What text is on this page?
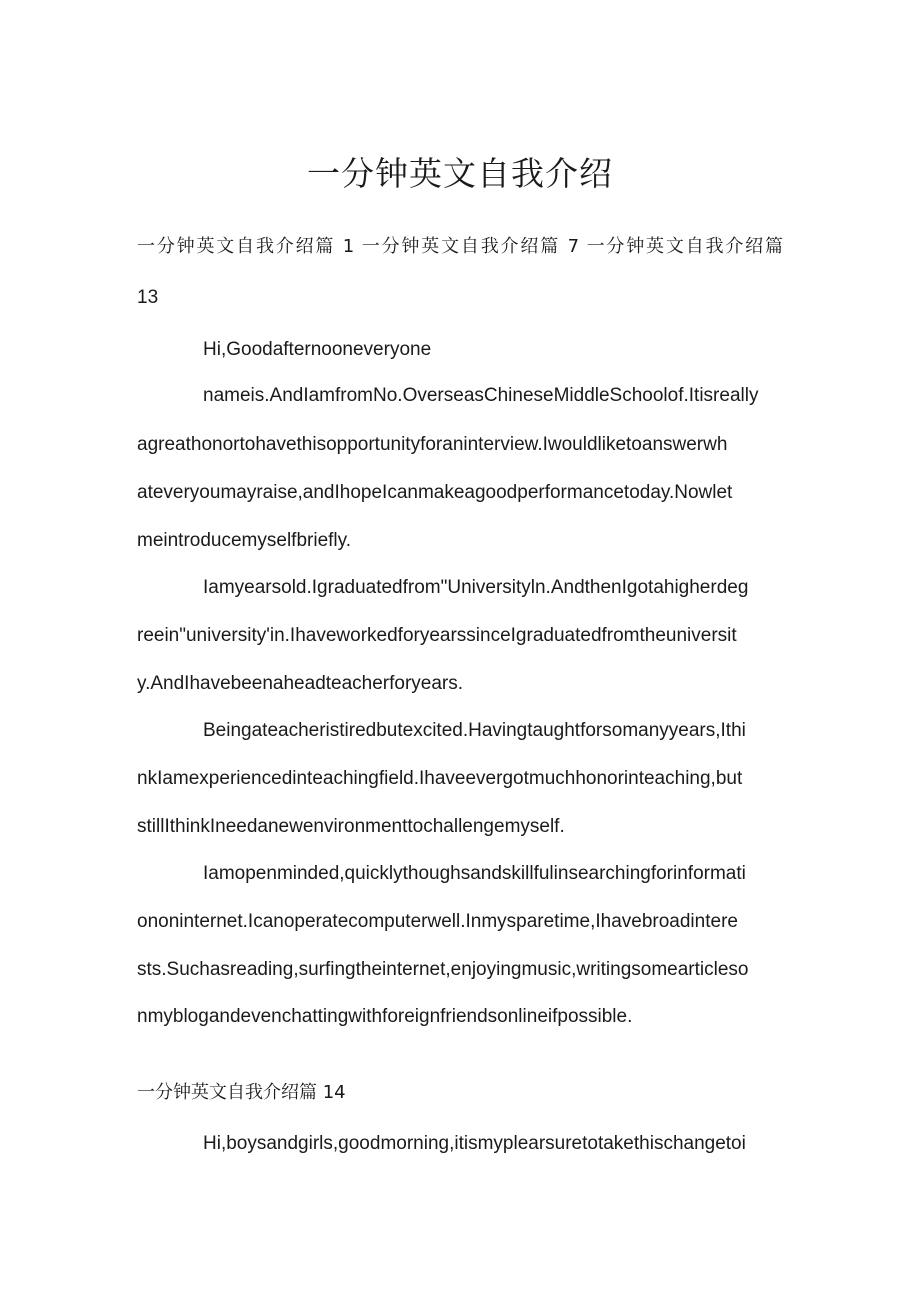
一分钟英文自我介绍

一分钟英文自我介绍篇 1 一分钟英文自我介绍篇 7 一分钟英文自我介绍篇

13

Hi,Goodafternooneveryone

nameis.AndIamfromNo.OverseasChineseMiddleSchoolof.Itisreally

agreathonortohavethisopportunityforaninterview.Iwouldliketoanswerwh

ateveryoumayraise,andIhopeIcanmakeagoodperformancetoday.Nowlet

meintroducemyselfbriefly.

Iamyearsold.Igraduatedfrom"Universityln.AndthenIgotahigherdeg

reein"university'in.IhaveworkedforyearssinceIgraduatedfromtheuniversit

y.AndIhavebeenaheadteacherforyears.

Beingateacheristiredbutexcited.Havingtaughtforsomanyyears,Ithi

nkIamexperiencedinteachingfield.Ihaveevergotmuchhonorinteaching,but

stillIthinkIneedanewenvironmenttochallengemyself.

Iamopenminded,quicklythoughsandskillfulinsearchingforinformati

ononinternet.Icanoperatecomputerwell.Inmysparetime,Ihavebroadintere

sts.Suchasreading,surfingtheinternet,enjoyingmusic,writingsomearticleso

nmyblogandevenchattingwithforeignfriendsonlineifpossible.

一分钟英文自我介绍篇 14

Hi,boysandgirls,goodmorning,itismyplearsuretotakethischangetoi
